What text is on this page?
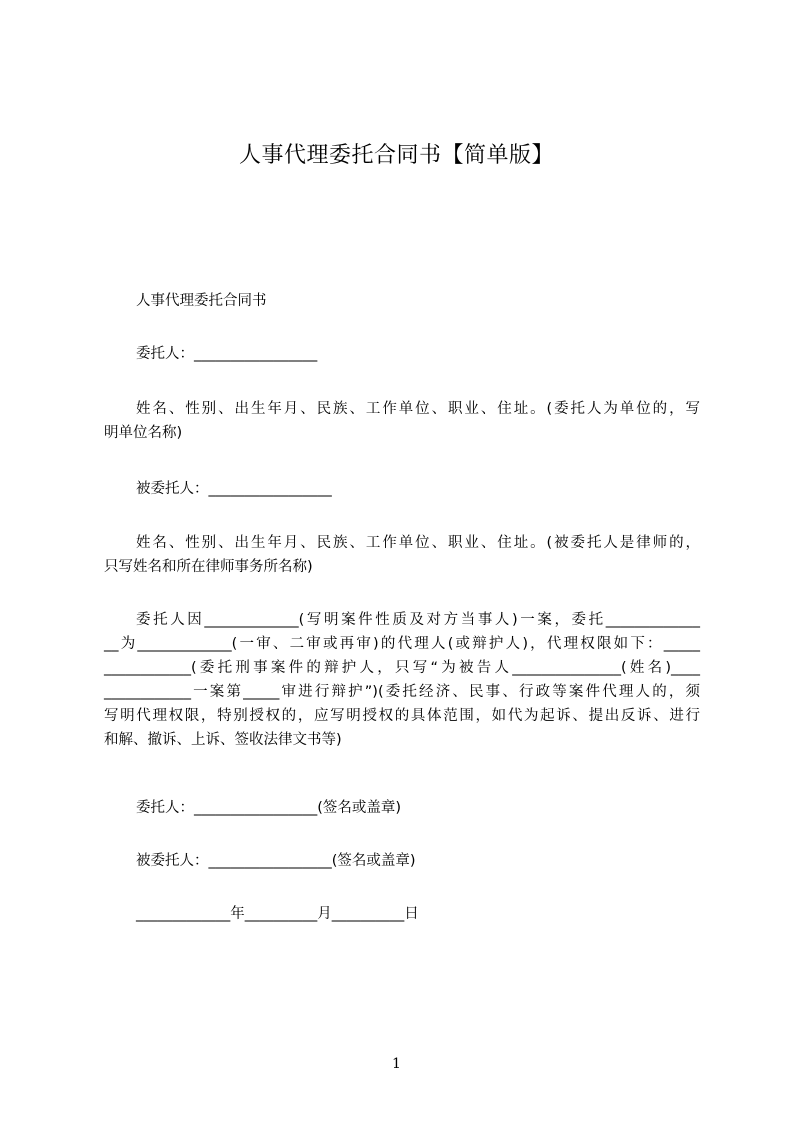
人事代理委托合同书【简单版】
人事代理委托合同书
委托人：_________________
姓名、性别、出生年月、民族、工作单位、职业、住址。(委托人为单位的，写
明单位名称)
被委托人：_________________
姓名、性别、出生年月、民族、工作单位、职业、住址。(被委托人是律师的，
只写姓名和所在律师事务所名称)
委托人因_____________(写明案件性质及对方当事人)一案，委托_____________
__为_____________(一审、二审或再审)的代理人(或辩护人)，代理权限如下：_____
____________(委托刑事案件的辩护人，只写“为被告人_______________(姓名)____
____________一案第_____审进行辩护”)(委托经济、民事、行政等案件代理人的，须
写明代理权限，特别授权的，应写明授权的具体范围，如代为起诉、提出反诉、进行
和解、撤诉、上诉、签收法律文书等)
委托人：_________________(签名或盖章)
被委托人：_________________(签名或盖章)
_____________年__________月__________日
1
